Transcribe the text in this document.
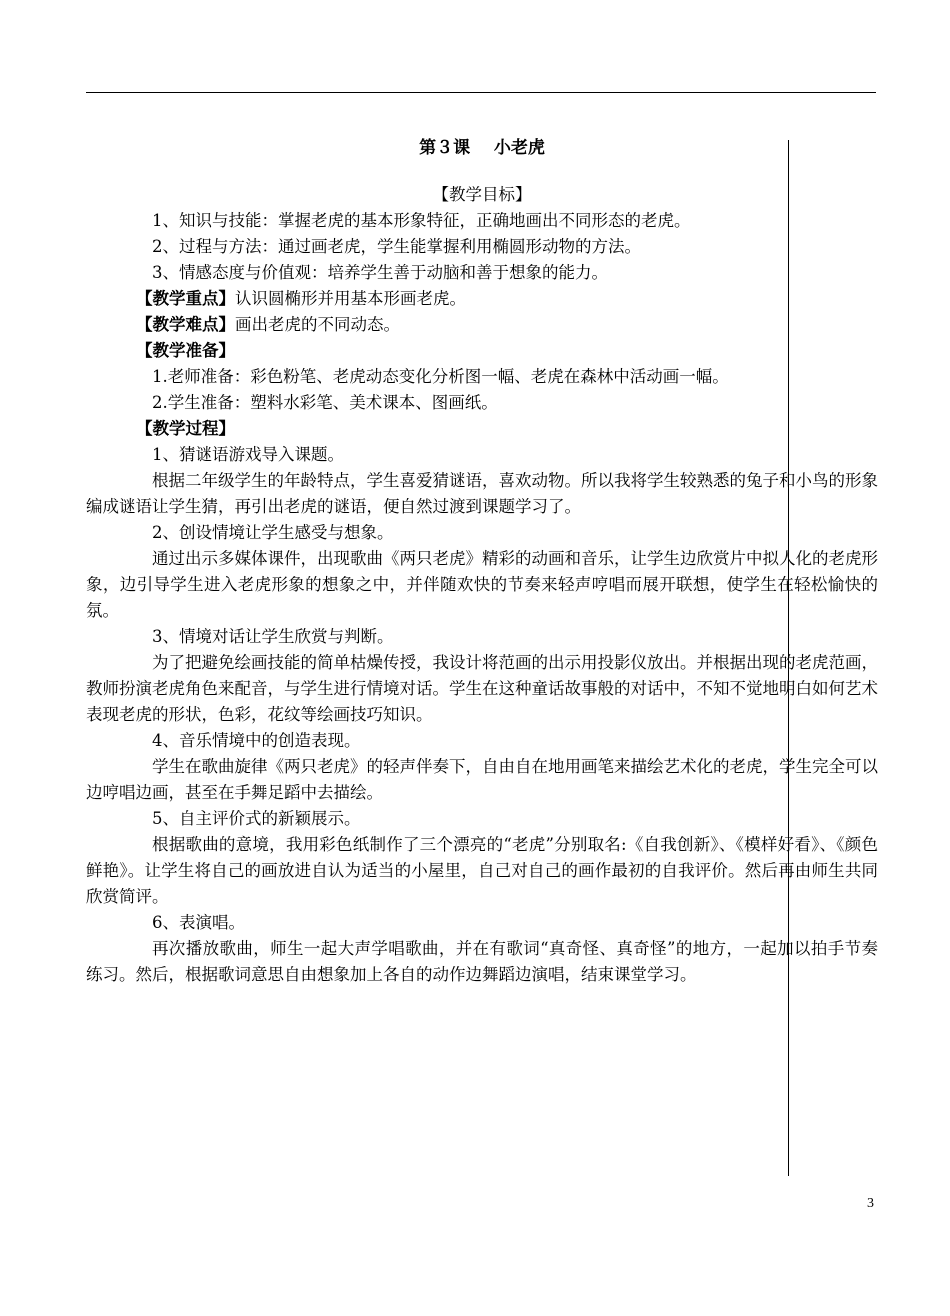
第３课    小老虎

【教学目标】

1、知识与技能：掌握老虎的基本形象特征，正确地画出不同形态的老虎。

2、过程与方法：通过画老虎，学生能掌握利用椭圆形动物的方法。

3、情感态度与价值观：培养学生善于动脑和善于想象的能力。

【教学重点】认识圆椭形并用基本形画老虎。

【教学难点】画出老虎的不同动态。

【教学准备】

1.老师准备：彩色粉笔、老虎动态变化分析图一幅、老虎在森林中活动画一幅。

2.学生准备：塑料水彩笔、美术课本、图画纸。

【教学过程】

1、猜谜语游戏导入课题。

根据二年级学生的年龄特点，学生喜爱猜谜语，喜欢动物。所以我将学生较熟悉的兔子和小鸟的形象编成谜语让学生猜，再引出老虎的谜语，便自然过渡到课题学习了。

2、创设情境让学生感受与想象。

通过出示多媒体课件，出现歌曲《两只老虎》精彩的动画和音乐，让学生边欣赏片中拟人化的老虎形象，边引导学生进入老虎形象的想象之中，并伴随欢快的节奏来轻声哼唱而展开联想，使学生在轻松愉快的氛。

3、情境对话让学生欣赏与判断。

为了把避免绘画技能的简单枯燥传授，我设计将范画的出示用投影仪放出。并根据出现的老虎范画，教师扮演老虎角色来配音，与学生进行情境对话。学生在这种童话故事般的对话中，不知不觉地明白如何艺术表现老虎的形状，色彩，花纹等绘画技巧知识。

4、音乐情境中的创造表现。

学生在歌曲旋律《两只老虎》的轻声伴奏下，自由自在地用画笔来描绘艺术化的老虎，学生完全可以边哼唱边画，甚至在手舞足蹈中去描绘。

5、自主评价式的新颖展示。

根据歌曲的意境，我用彩色纸制作了三个漂亮的“老虎”分别取名:《自我创新》、《模样好看》、《颜色鲜艳》。让学生将自己的画放进自认为适当的小屋里，自己对自己的画作最初的自我评价。然后再由师生共同欣赏简评。

6、表演唱。

再次播放歌曲，师生一起大声学唱歌曲，并在有歌词“真奇怪、真奇怪”的地方，一起加以拍手节奏练习。然后，根据歌词意思自由想象加上各自的动作边舞蹈边演唱，结束课堂学习。

3
